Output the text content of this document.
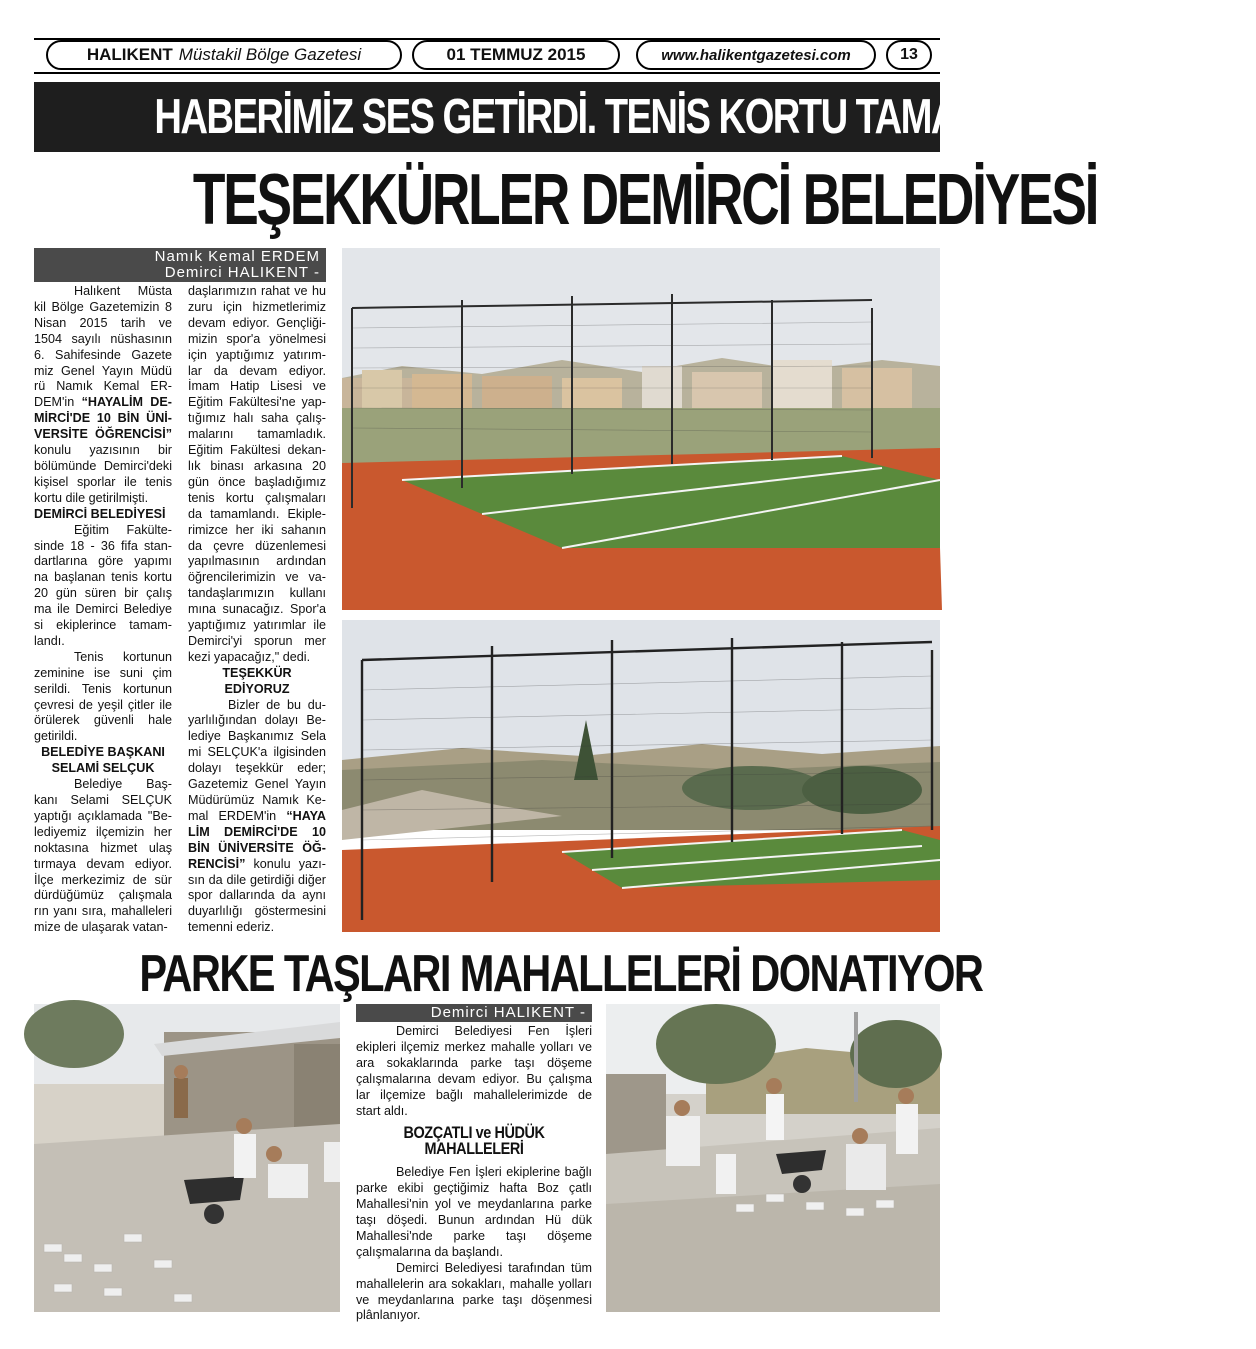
HALIKENT Müstakil Bölge Gazetesi	01 TEMMUZ 2015	www.halikentgazetesi.com	13
HABERİMİZ SES GETİRDİ. TENİS KORTU TAMAM !
TEŞEKKÜRLER DEMİRCİ BELEDİYESİ
Namık Kemal ERDEM
Demirci HALIKENT -

Halıkent Müsta kil Bölge Gazetemizin 8 Nisan 2015 tarih ve 1504 sayılı nüshasının 6. Sahifesinde Gazete miz Genel Yayın Müdü rü Namık Kemal ER-DEM'in “HAYALİM DE-MİRCİ'DE 10 BİN ÜNİ-VERSİTE ÖĞRENCİSİ” konulu yazısının bir bölümünde Demirci'deki kişisel sporlar ile tenis kortu dile getirilmişti.

DEMİRCİ BELEDİYESİ

Eğitim Fakülte-sinde 18 - 36 fifa stan-dartlarına göre yapımı na başlanan tenis kortu 20 gün süren bir çalış ma ile Demirci Belediye si ekiplerince tamam-landı.

Tenis kortunun zeminine ise suni çim serildi. Tenis kortunun çevresi de yeşil çitler ile örülerek güvenli hale getirildi.

BELEDİYE BAŞKANI SELAMİ SELÇUK

Belediye Baş-kanı Selami SELÇUK yaptığı açıklamada "Be-lediyemiz ilçemizin her noktasına hizmet ulaş tırmaya devam ediyor. İlçe merkezimiz de sür dürdüğümüz çalışmala rın yanı sıra, mahalleleri mize de ulaşarak vatan-

daşlarımızın rahat ve hu zuru için hizmetlerimiz devam ediyor. Gençliği-mizin spor'a yönelmesi için yaptığımız yatırım-lar da devam ediyor. İmam Hatip Lisesi ve Eğitim Fakültesi'ne yap-tığımız halı saha çalış-malarını tamamladık. Eğitim Fakültesi dekan-lık binası arkasına 20 gün önce başladığımız tenis kortu çalışmaları da tamamlandı. Ekiple-rimizce her iki sahanın da çevre düzenlemesi yapılmasının ardından öğrencilerimizin ve va-tandaşlarımızın kullanı mına sunacağız. Spor'a yaptığımız yatırımlar ile Demirci'yi sporun mer kezi yapacağız," dedi.

TEŞEKKÜR EDİYORUZ

Bizler de bu du-yarlılığından dolayı Be-lediye Başkanımız Sela mi SELÇUK'a ilgisinden dolayı teşekkür eder; Gazetemiz Genel Yayın Müdürümüz Namık Ke-mal ERDEM'in “HAYA LİM DEMİRCİ'DE 10 BİN ÜNİVERSİTE ÖĞ-RENCİSİ” konulu yazı-sın da dile getirdiği diğer spor dallarında da aynı duyarlılığı göstermesini temenni ederiz.

PARKE TAŞLARI MAHALLELERİ DONATIYOR
Demirci HALIKENT -

Demirci Belediyesi Fen İşleri ekipleri ilçemiz merkez mahalle yolları ve ara sokaklarında parke taşı döşeme çalışmalarına devam ediyor. Bu çalışma lar ilçemize bağlı mahallelerimizde de start aldı.

BOZÇATLI ve HÜDÜK MAHALLELERİ

Belediye Fen İşleri ekiplerine bağlı parke ekibi geçtiğimiz hafta Boz çatlı Mahallesi'nin yol ve meydanlarına parke taşı döşedi. Bunun ardından Hü dük Mahallesi'nde parke taşı döşeme çalışmalarına da başlandı.

Demirci Belediyesi tarafından tüm mahallelerin ara sokakları, mahalle yolları ve meydanlarına parke taşı döşenmesi plânlanıyor.
